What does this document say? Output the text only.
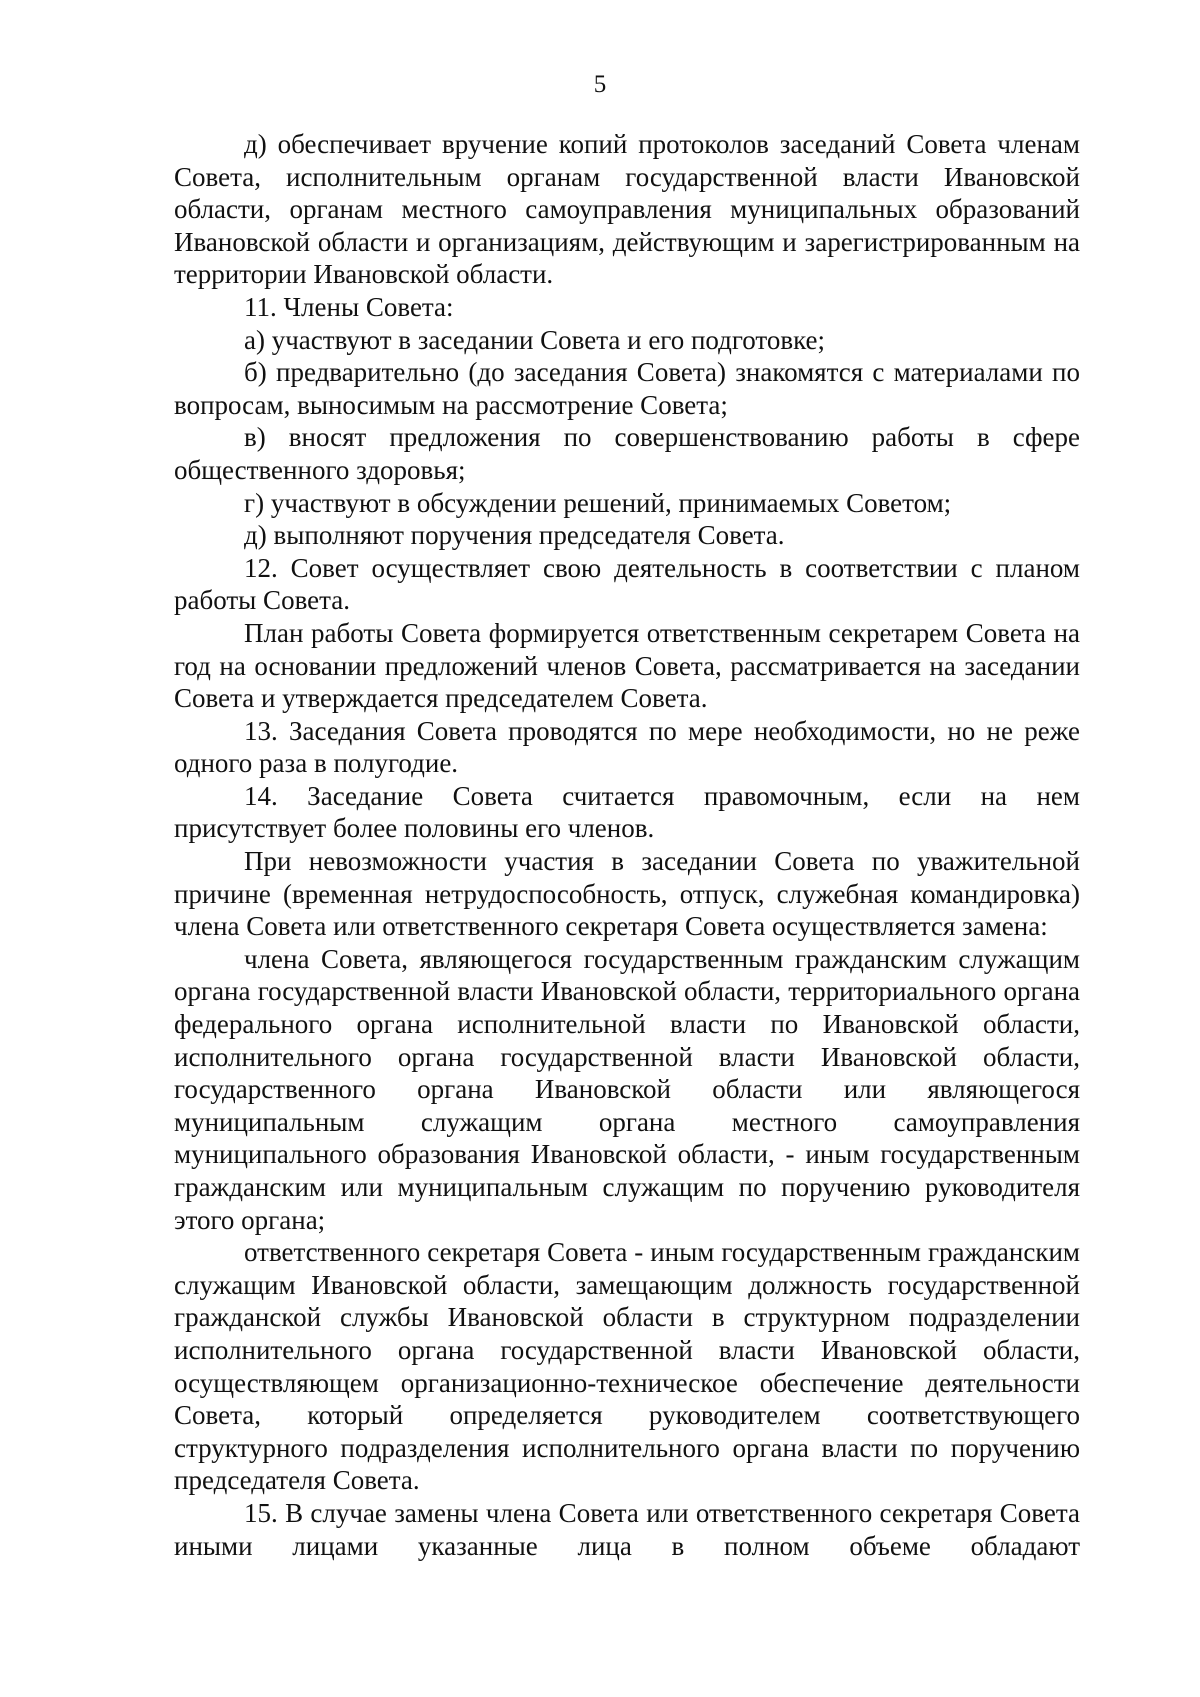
5

д) обеспечивает вручение копий протоколов заседаний Совета членам Совета, исполнительным органам государственной власти Ивановской области, органам местного самоуправления муниципальных образований Ивановской области и организациям, действующим и зарегистрированным на территории Ивановской области.

11. Члены Совета:

а) участвуют в заседании Совета и его подготовке;

б) предварительно (до заседания Совета) знакомятся с материалами по вопросам, выносимым на рассмотрение Совета;

в) вносят предложения по совершенствованию работы в сфере общественного здоровья;

г) участвуют в обсуждении решений, принимаемых Советом;

д) выполняют поручения председателя Совета.

12. Совет осуществляет свою деятельность в соответствии с планом работы Совета.

План работы Совета формируется ответственным секретарем Совета на год на основании предложений членов Совета, рассматривается на заседании Совета и утверждается председателем Совета.

13. Заседания Совета проводятся по мере необходимости, но не реже одного раза в полугодие.

14. Заседание Совета считается правомочным, если на нем присутствует более половины его членов.

При невозможности участия в заседании Совета по уважительной причине (временная нетрудоспособность, отпуск, служебная командировка) члена Совета или ответственного секретаря Совета осуществляется замена:

члена Совета, являющегося государственным гражданским служащим органа государственной власти Ивановской области, территориального органа федерального органа исполнительной власти по Ивановской области, исполнительного органа государственной власти Ивановской области, государственного органа Ивановской области или являющегося муниципальным служащим органа местного самоуправления муниципального образования Ивановской области, - иным государственным гражданским или муниципальным служащим по поручению руководителя этого органа;

ответственного секретаря Совета - иным государственным гражданским служащим Ивановской области, замещающим должность государственной гражданской службы Ивановской области в структурном подразделении исполнительного органа государственной власти Ивановской области, осуществляющем организационно-техническое обеспечение деятельности Совета, который определяется руководителем соответствующего структурного подразделения исполнительного органа власти по поручению председателя Совета.

15. В случае замены члена Совета или ответственного секретаря Совета иными лицами указанные лица в полном объеме обладают
